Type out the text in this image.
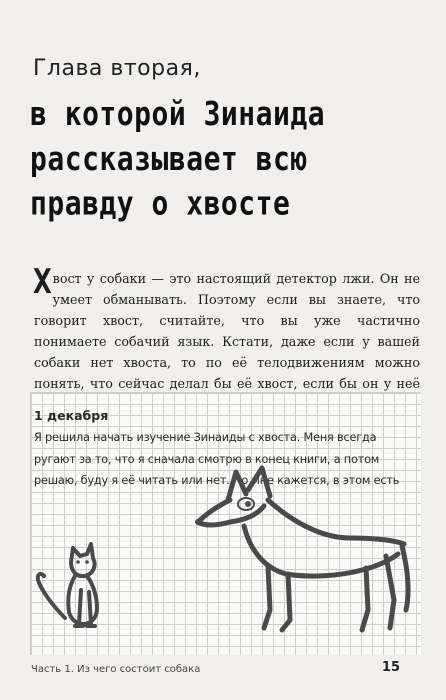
Глава вторая,
в которой Зинаида
рассказывает всю
правду о хвосте

Х вост у собаки — это настоящий детектор лжи. Он не умеет обманывать. Поэтому если вы знаете, что говорит хвост, считайте, что вы уже частично понимаете собачий язык. Кстати, даже если у вашей собаки нет хвоста, то по её телодвижениям можно понять, что сейчас делал бы её хвост, если бы он у неё

1 декабря
Я решила начать изучение Зинаиды с хвоста. Меня всегда
ругают за то, что я сначала смотрю в конец книги, а потом
решаю, буду я её читать или нет. Но мне кажется, в этом есть
Часть 1. Из чего состоит собака	15
